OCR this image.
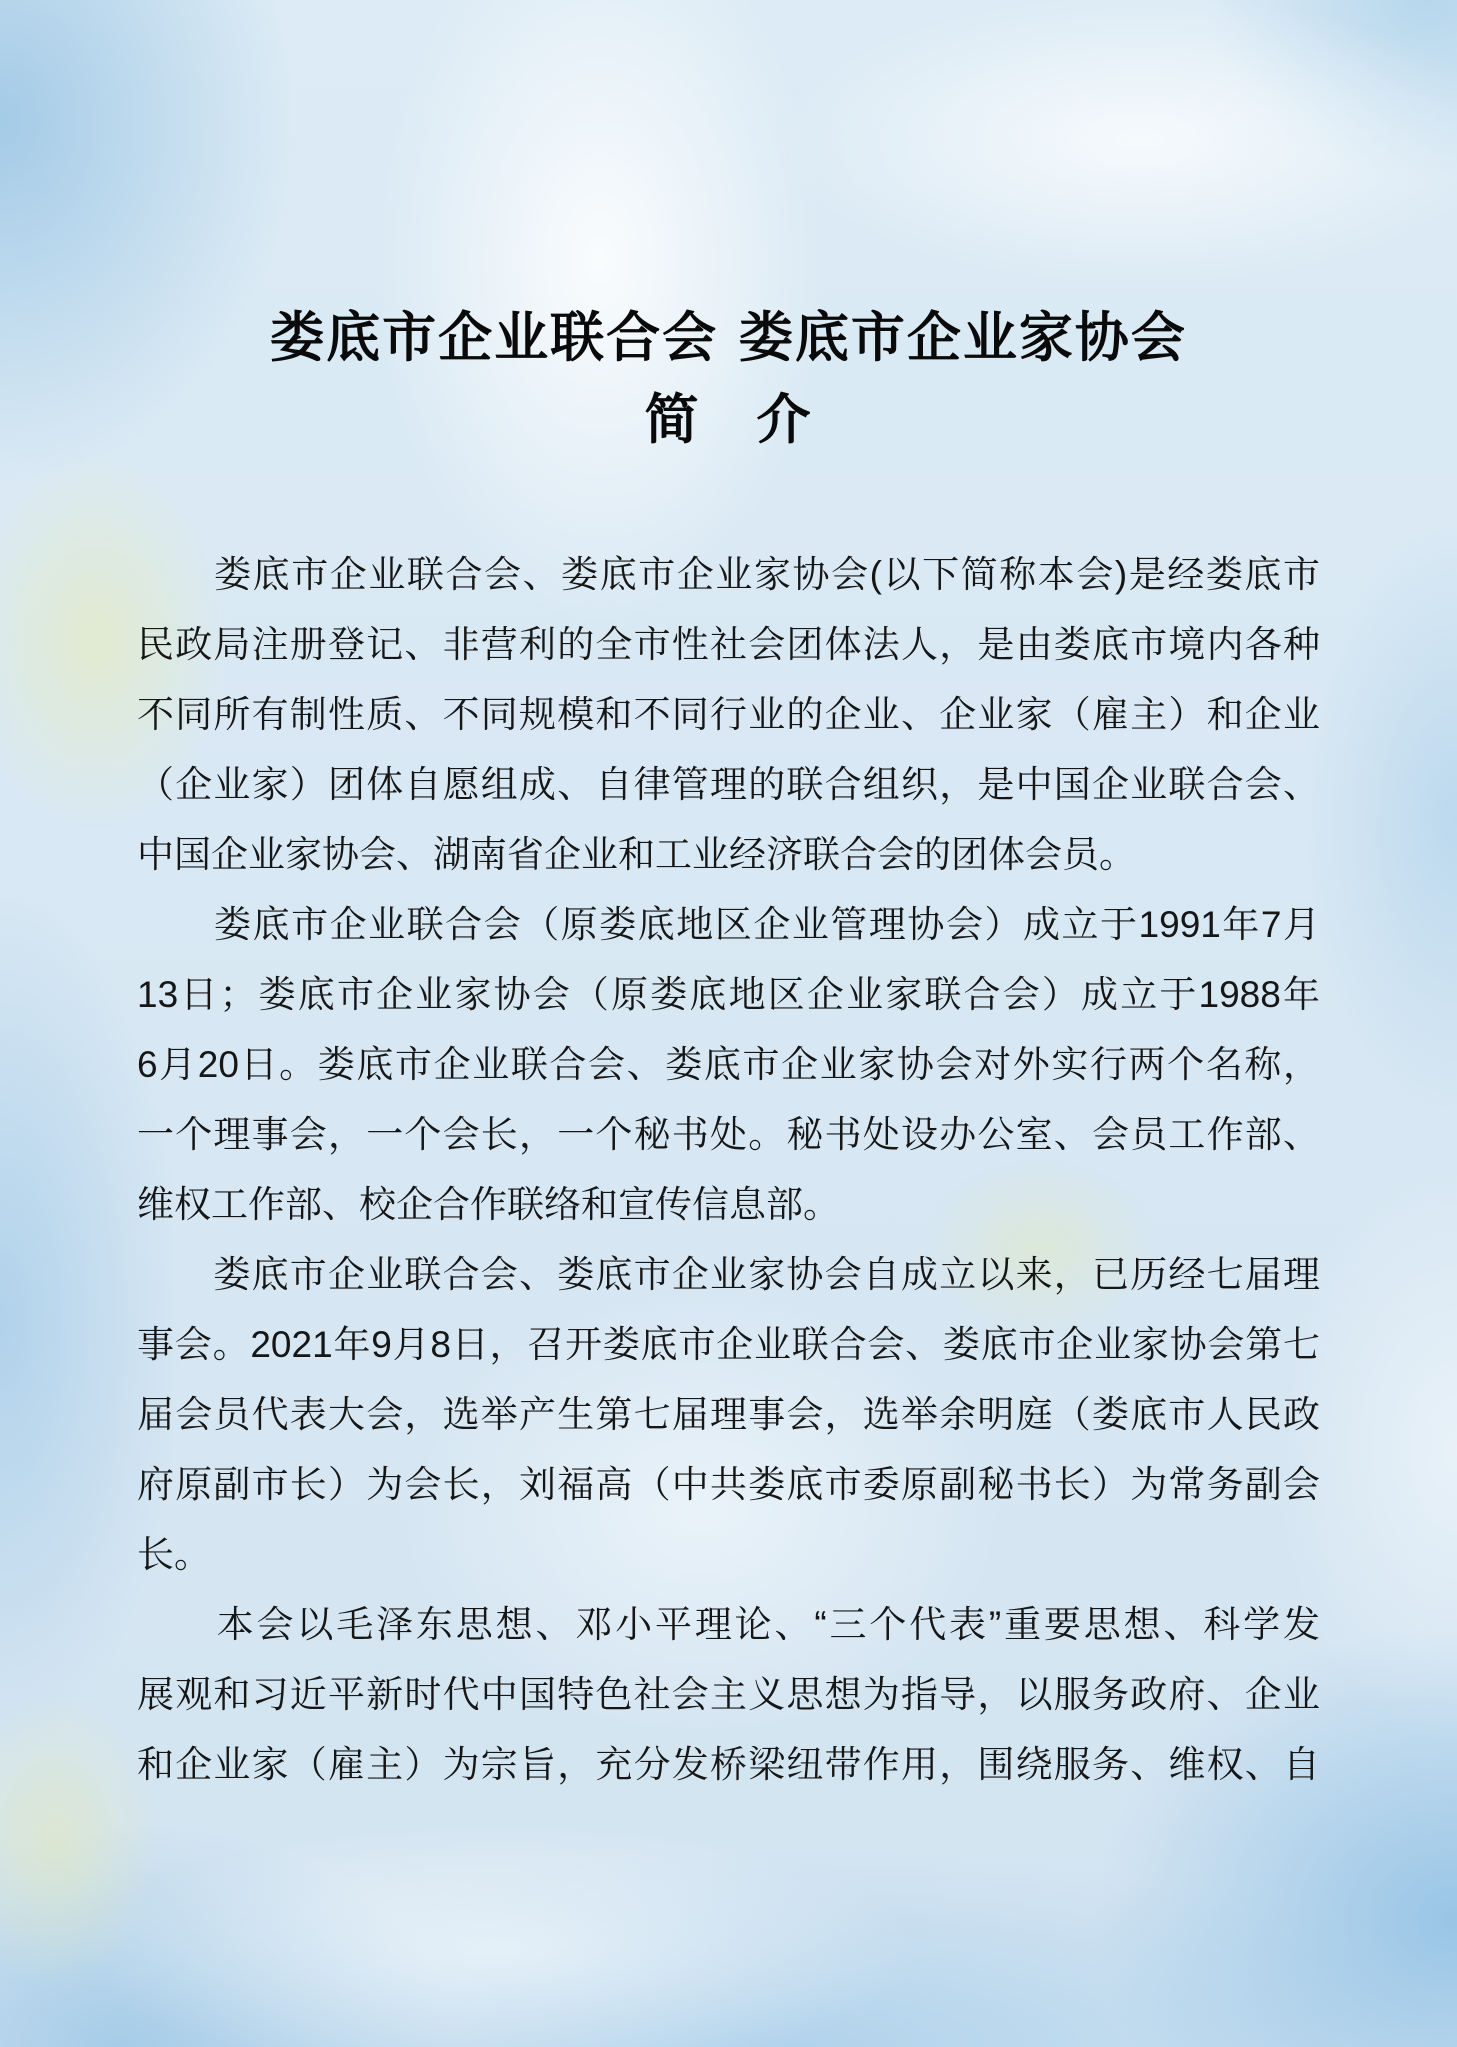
娄底市企业联合会 娄底市企业家协会
简　介
　　娄底市企业联合会、娄底市企业家协会(以下简称本会)是经娄底市
民政局注册登记、非营利的全市性社会团体法人，是由娄底市境内各种
不同所有制性质、不同规模和不同行业的企业、企业家（雇主）和企业
（企业家）团体自愿组成、自律管理的联合组织，是中国企业联合会、
中国企业家协会、湖南省企业和工业经济联合会的团体会员。
　　娄底市企业联合会（原娄底地区企业管理协会）成立于1991年7月
13日；娄底市企业家协会（原娄底地区企业家联合会）成立于1988年
6月20日。娄底市企业联合会、娄底市企业家协会对外实行两个名称，
一个理事会，一个会长，一个秘书处。秘书处设办公室、会员工作部、
维权工作部、校企合作联络和宣传信息部。
　　娄底市企业联合会、娄底市企业家协会自成立以来，已历经七届理
事会。2021年9月8日，召开娄底市企业联合会、娄底市企业家协会第七
届会员代表大会，选举产生第七届理事会，选举余明庭（娄底市人民政
府原副市长）为会长，刘福高（中共娄底市委原副秘书长）为常务副会
长。
　　本会以毛泽东思想、邓小平理论、“三个代表”重要思想、科学发
展观和习近平新时代中国特色社会主义思想为指导，以服务政府、企业
和企业家（雇主）为宗旨，充分发桥梁纽带作用，围绕服务、维权、自
